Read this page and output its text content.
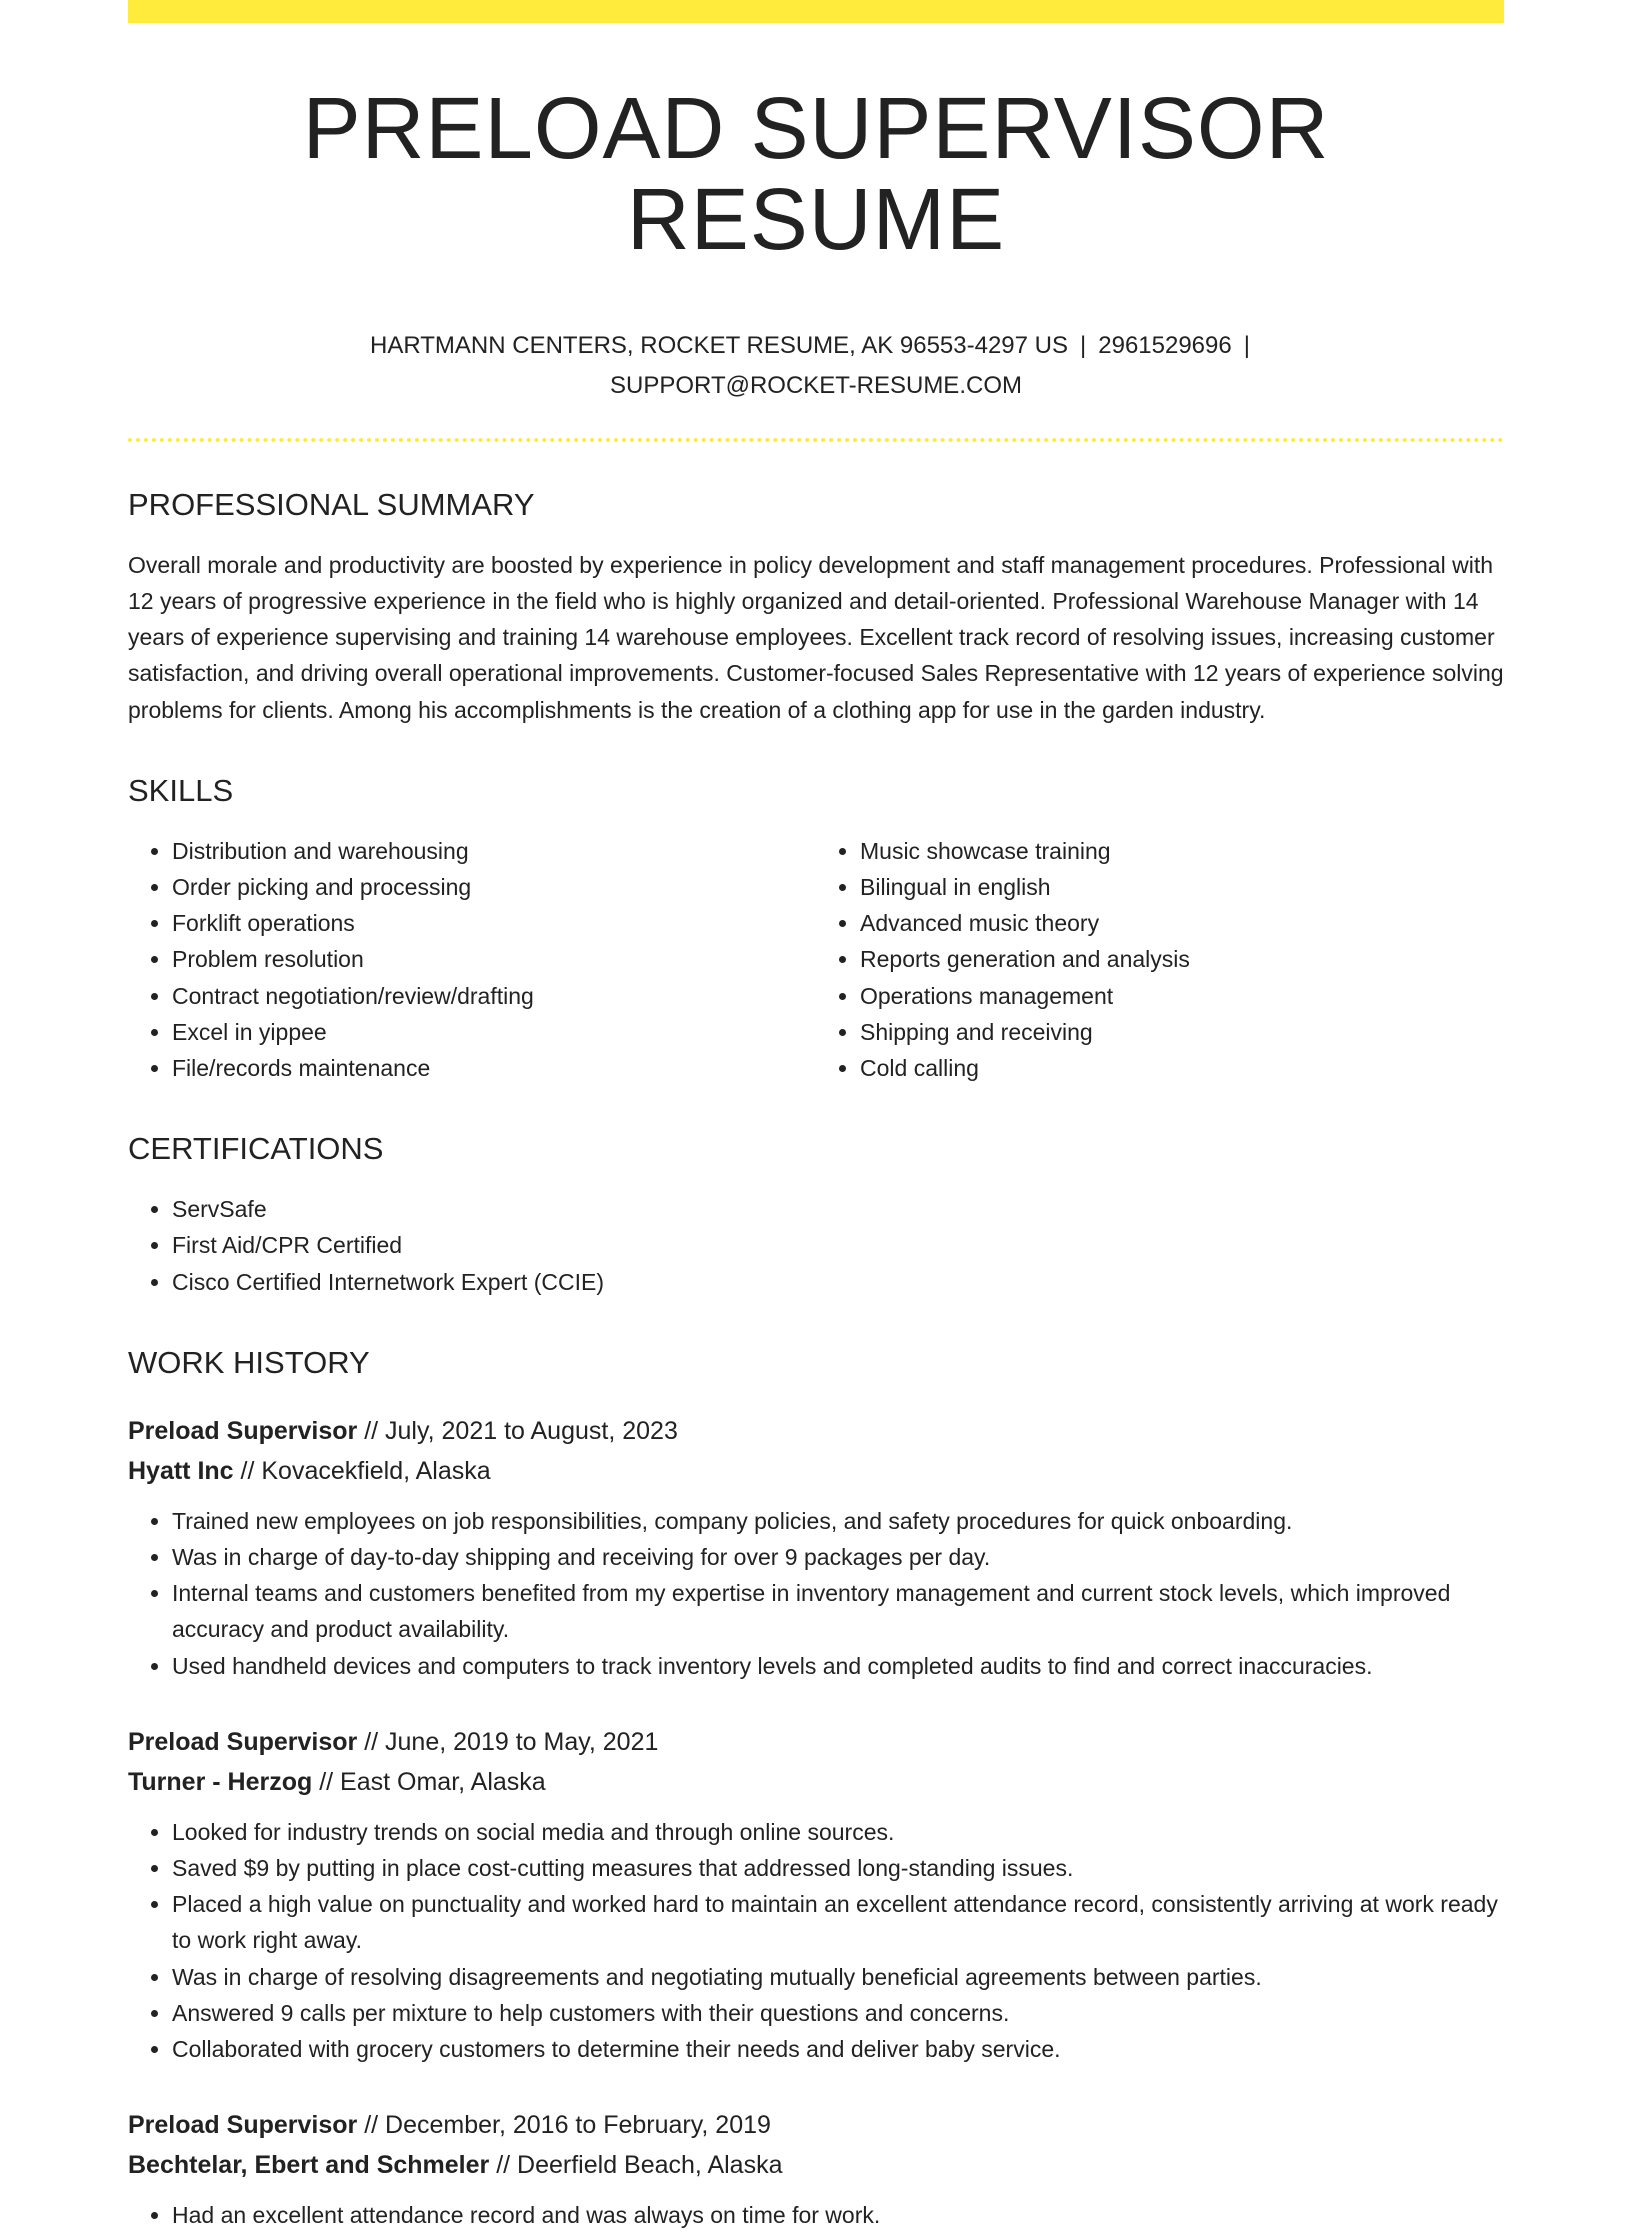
PRELOAD SUPERVISOR RESUME
HARTMANN CENTERS, ROCKET RESUME, AK 96553-4297 US | 2961529696 |
SUPPORT@ROCKET-RESUME.COM
PROFESSIONAL SUMMARY

Overall morale and productivity are boosted by experience in policy development and staff management procedures. Professional with 12 years of progressive experience in the field who is highly organized and detail-oriented. Professional Warehouse Manager with 14 years of experience supervising and training 14 warehouse employees. Excellent track record of resolving issues, increasing customer satisfaction, and driving overall operational improvements. Customer-focused Sales Representative with 12 years of experience solving problems for clients. Among his accomplishments is the creation of a clothing app for use in the garden industry.

SKILLS
• Distribution and warehousing
• Order picking and processing
• Forklift operations
• Problem resolution
• Contract negotiation/review/drafting
• Excel in yippee
• File/records maintenance
• Music showcase training
• Bilingual in english
• Advanced music theory
• Reports generation and analysis
• Operations management
• Shipping and receiving
• Cold calling
CERTIFICATIONS
• ServSafe
• First Aid/CPR Certified
• Cisco Certified Internetwork Expert (CCIE)
WORK HISTORY
Preload Supervisor // July, 2021 to August, 2023
Hyatt Inc // Kovacekfield, Alaska
• Trained new employees on job responsibilities, company policies, and safety procedures for quick onboarding.
• Was in charge of day-to-day shipping and receiving for over 9 packages per day.
• Internal teams and customers benefited from my expertise in inventory management and current stock levels, which improved accuracy and product availability.
• Used handheld devices and computers to track inventory levels and completed audits to find and correct inaccuracies.
Preload Supervisor // June, 2019 to May, 2021
Turner - Herzog // East Omar, Alaska
• Looked for industry trends on social media and through online sources.
• Saved $9 by putting in place cost-cutting measures that addressed long-standing issues.
• Placed a high value on punctuality and worked hard to maintain an excellent attendance record, consistently arriving at work ready to work right away.
• Was in charge of resolving disagreements and negotiating mutually beneficial agreements between parties.
• Answered 9 calls per mixture to help customers with their questions and concerns.
• Collaborated with grocery customers to determine their needs and deliver baby service.
Preload Supervisor // December, 2016 to February, 2019
Bechtelar, Ebert and Schmeler // Deerfield Beach, Alaska
• Had an excellent attendance record and was always on time for work.
